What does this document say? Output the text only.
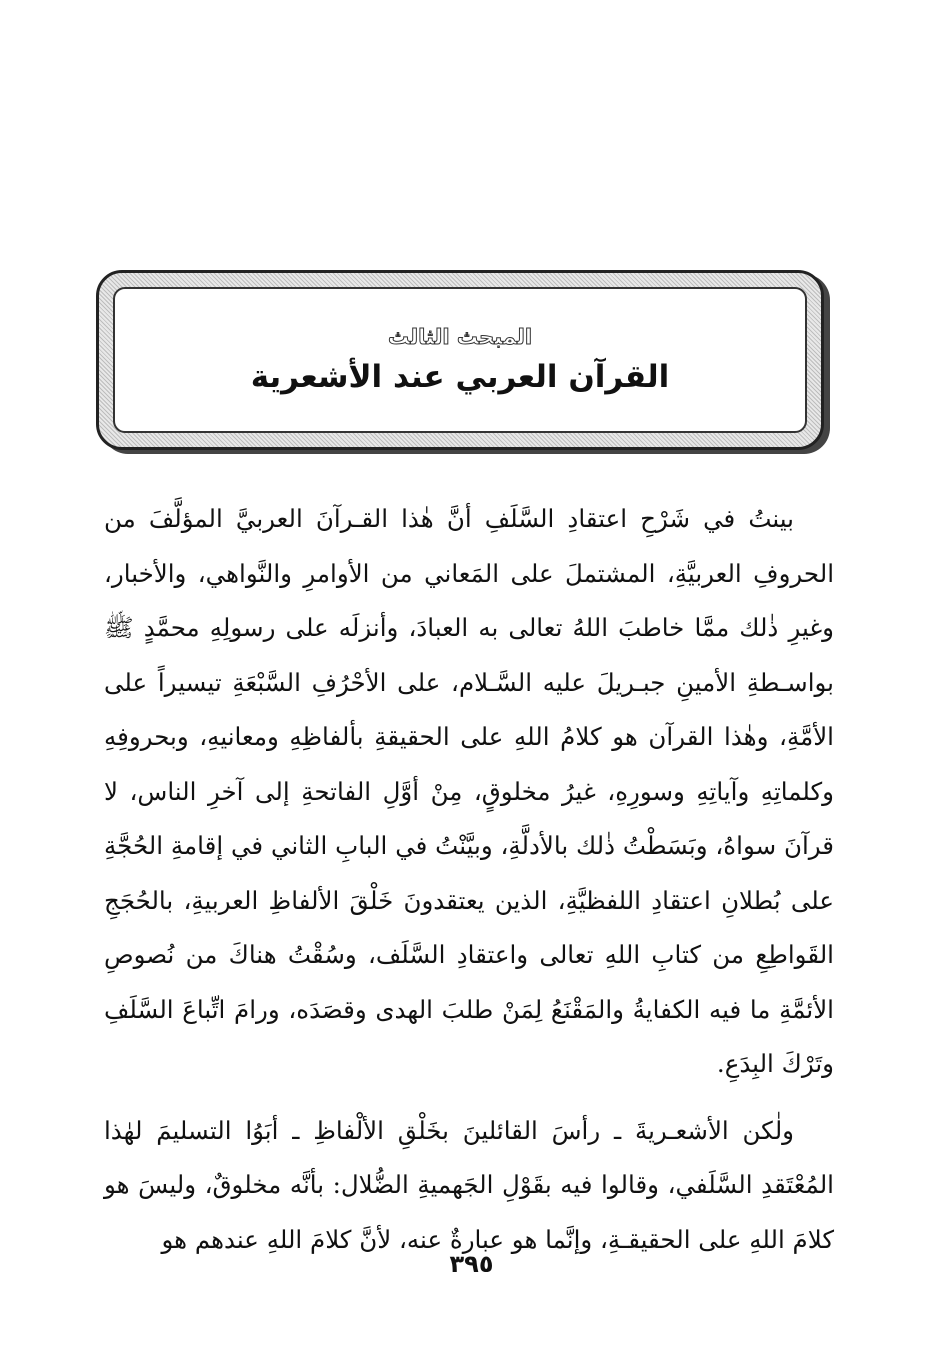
المبحث الثالث
القرآن العربي عند الأشعرية

بينتُ في شَرْحِ اعتقادِ السَّلَفِ أنَّ هٰذا القـرآنَ العربيَّ المؤلَّفَ من الحروفِ العربيَّةِ، المشتملَ على المَعاني من الأوامرِ والنَّواهي، والأخبار، وغيرِ ذٰلك ممَّا خاطبَ اللهُ تعالى به العبادَ، وأنزلَه على رسولِهِ محمَّدٍ ﷺ بواسـطةِ الأمينِ جبـريلَ عليه السَّـلام، على الأحْرُفِ السَّبْعَةِ تيسيراً على الأمَّةِ، وهٰذا القرآن هو كلامُ اللهِ على الحقيقةِ بألفاظِهِ ومعانيهِ، وبحروفِهِ وكلماتِهِ وآياتِهِ وسورِهِ، غيرُ مخلوقٍ، مِنْ أوَّلِ الفاتحةِ إلى آخرِ الناس، لا قرآنَ سواهُ، وبَسَطْتُ ذٰلك بالأدلَّةِ، وبيَّنْتُ في البابِ الثاني في إقامةِ الحُجَّةِ على بُطلانِ اعتقادِ اللفظيَّةِ، الذين يعتقدونَ خَلْقَ الألفاظِ العربيةِ، بالحُجَجِ القَواطِعِ من كتابِ اللهِ تعالى واعتقادِ السَّلَف، وسُقْتُ هناكَ من نُصوصِ الأئمَّةِ ما فيه الكفايةُ والمَقْنَعُ لِمَنْ طلبَ الهدى وقصَدَه، ورامَ اتِّباعَ السَّلَفِ وتَرْكَ البِدَعِ.

ولٰكن الأشعـريةَ ـ رأسَ القائلينَ بخَلْقِ الألْفاظِ ـ أبَوُا التسليمَ لهٰذا المُعْتَقدِ السَّلَفي، وقالوا فيه بقَوْلِ الجَهميةِ الضُّلال: بأنَّه مخلوقٌ، وليسَ هو كلامَ اللهِ على الحقيقـةِ، وإنَّما هو عبارةٌ عنه، لأنَّ كلامَ اللهِ عندهم هو

٣٩٥
